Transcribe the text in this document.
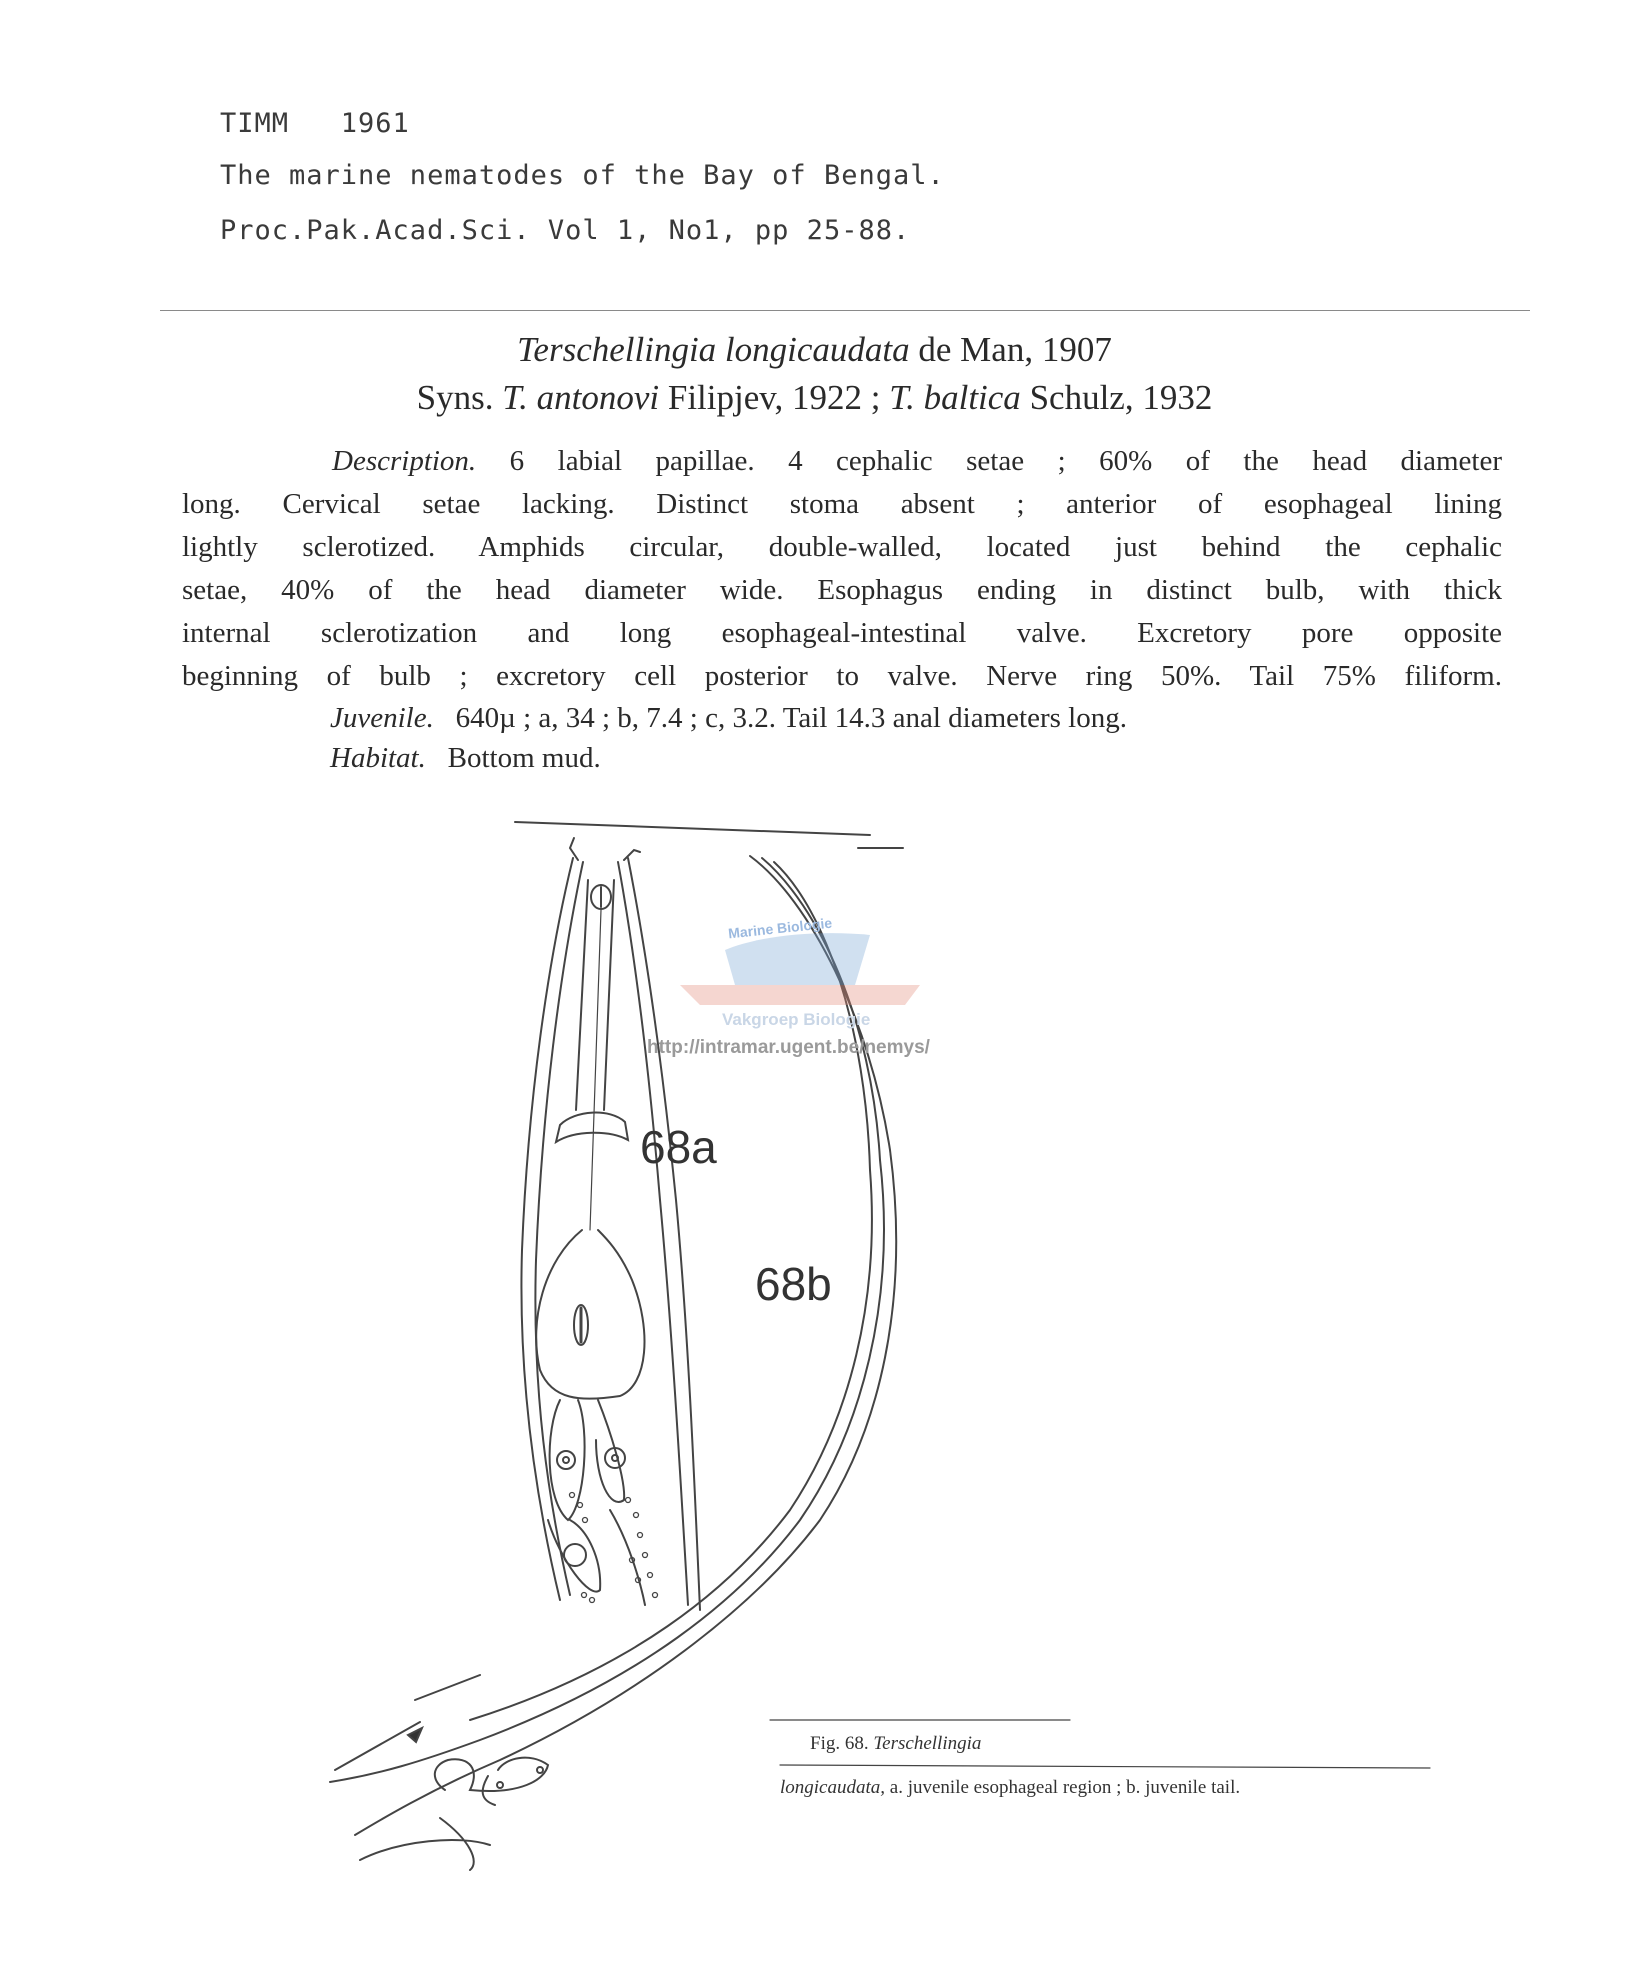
TIMM   1961
The marine nematodes of the Bay of Bengal.
Proc.Pak.Acad.Sci. Vol 1, No1, pp 25-88.
Terschellingia longicaudata de Man, 1907
Syns. T. antonovi Filipjev, 1922 ; T. baltica Schulz, 1932
Description. 6 labial papillae. 4 cephalic setae ; 60% of the head diameter
long. Cervical setae lacking. Distinct stoma absent ; anterior of esophageal lining
lightly sclerotized. Amphids circular, double-walled, located just behind the cephalic
setae, 40% of the head diameter wide. Esophagus ending in distinct bulb, with thick
internal sclerotization and long esophageal-intestinal valve. Excretory pore opposite
beginning of bulb ; excretory cell posterior to valve. Nerve ring 50%. Tail 75% filiform.
Juvenile. 640µ ; a, 34 ; b, 7.4 ; c, 3.2. Tail 14.3 anal diameters long.
Habitat. Bottom mud.
Marine Biologie
Vakgroep Biologie
http://intramar.ugent.be/nemys/
68a
68b
Fig. 68. Terschellingia
longicaudata, a. juvenile esophageal region ; b. juvenile tail.
